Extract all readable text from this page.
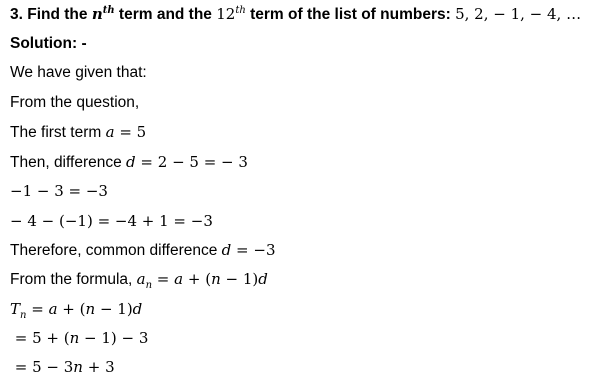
3. Find the $n^{th}$ term and the 12th term of the list of numbers: 5, 2, − 1, − 4, …
Solution: -
We have given that:
From the question,
The first term a = 5
Then, difference d = 2 − 5 = − 3
−1 − 3 = −3
− 4 − (−1) = −4 + 1 = −3
Therefore, common difference d = −3
From the formula, $a_n = a + (n - 1)d$
$T_n = a + (n - 1)d$
= 5 + (n − 1) − 3
= 5 − 3n + 3
